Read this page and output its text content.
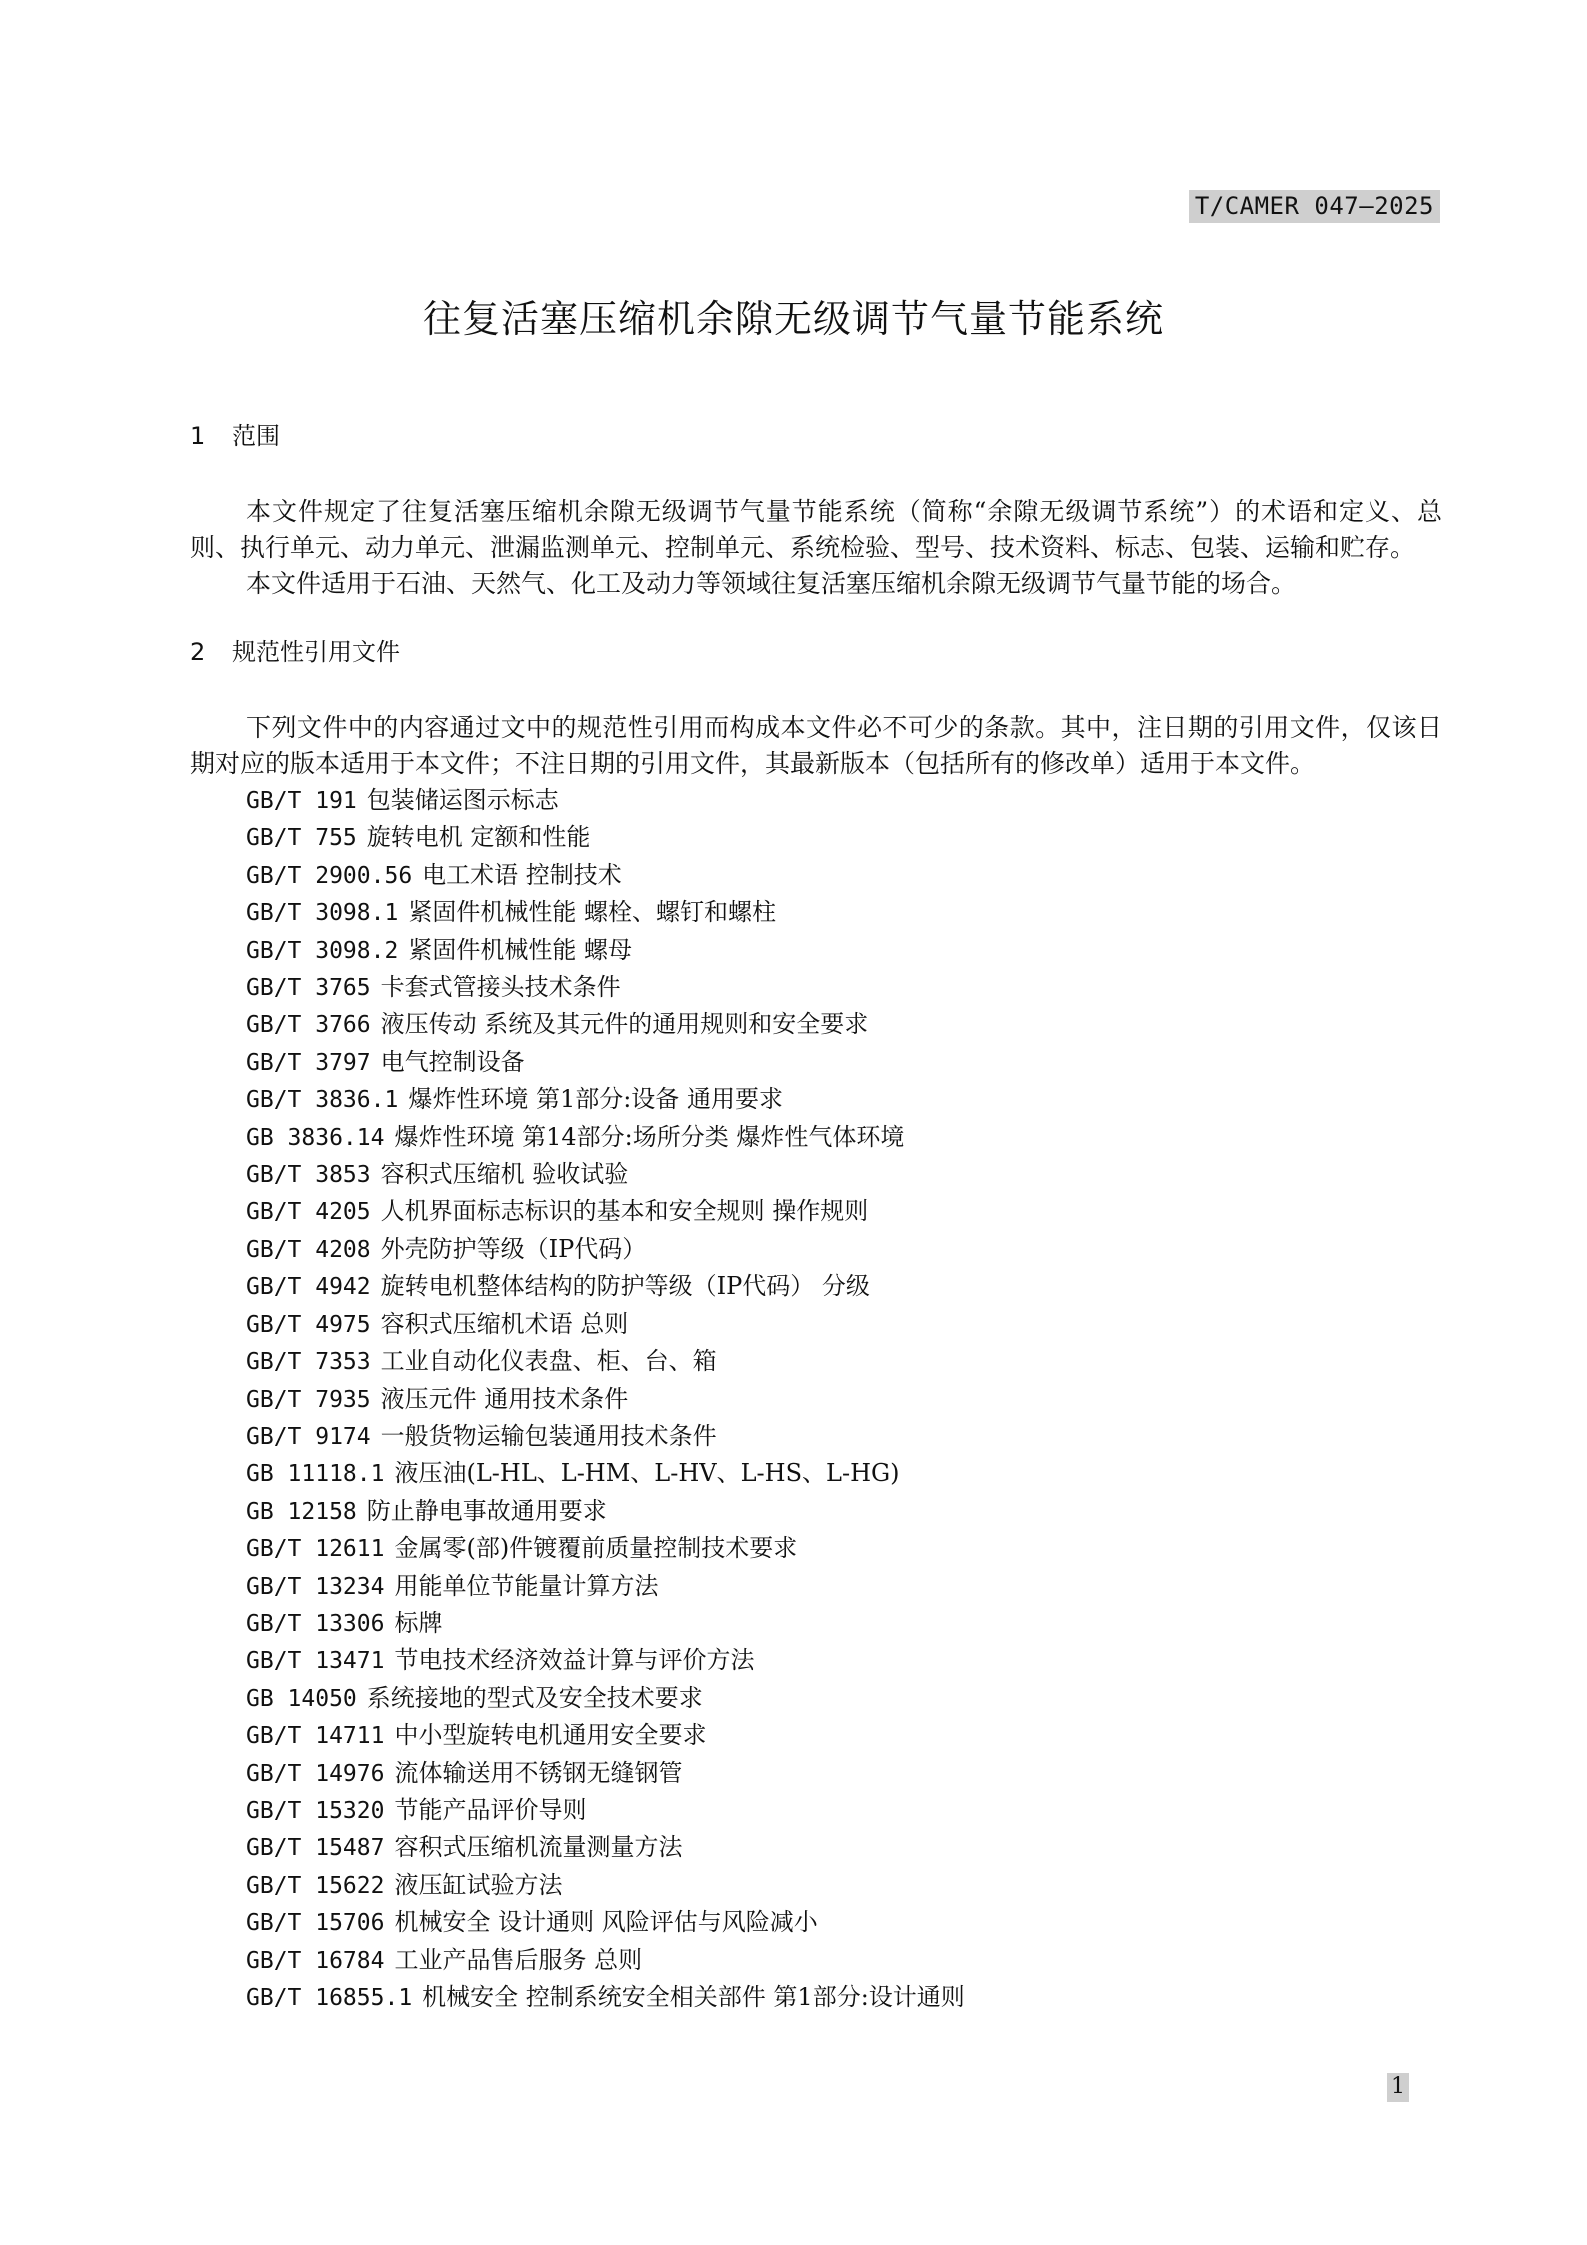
T/CAMER 047—2025
往复活塞压缩机余隙无级调节气量节能系统
1	范围

本文件规定了往复活塞压缩机余隙无级调节气量节能系统（简称“余隙无级调节系统”）的术语和定义、总则、执行单元、动力单元、泄漏监测单元、控制单元、系统检验、型号、技术资料、标志、包装、运输和贮存。

本文件适用于石油、天然气、化工及动力等领域往复活塞压缩机余隙无级调节气量节能的场合。

2	规范性引用文件

下列文件中的内容通过文中的规范性引用而构成本文件必不可少的条款。其中，注日期的引用文件，仅该日期对应的版本适用于本文件；不注日期的引用文件，其最新版本（包括所有的修改单）适用于本文件。

GB/T 191 包装储运图示标志
GB/T 755 旋转电机 定额和性能
GB/T 2900.56 电工术语 控制技术
GB/T 3098.1 紧固件机械性能 螺栓、螺钉和螺柱
GB/T 3098.2 紧固件机械性能 螺母
GB/T 3765 卡套式管接头技术条件
GB/T 3766 液压传动 系统及其元件的通用规则和安全要求
GB/T 3797 电气控制设备
GB/T 3836.1 爆炸性环境 第1部分:设备 通用要求
GB 3836.14 爆炸性环境 第14部分:场所分类 爆炸性气体环境
GB/T 3853 容积式压缩机 验收试验
GB/T 4205 人机界面标志标识的基本和安全规则 操作规则
GB/T 4208 外壳防护等级（IP代码）
GB/T 4942 旋转电机整体结构的防护等级（IP代码） 分级
GB/T 4975 容积式压缩机术语 总则
GB/T 7353 工业自动化仪表盘、柜、台、箱
GB/T 7935 液压元件 通用技术条件
GB/T 9174 一般货物运输包装通用技术条件
GB 11118.1 液压油(L-HL、L-HM、L-HV、L-HS、L-HG)
GB 12158 防止静电事故通用要求
GB/T 12611 金属零(部)件镀覆前质量控制技术要求
GB/T 13234 用能单位节能量计算方法
GB/T 13306 标牌
GB/T 13471 节电技术经济效益计算与评价方法
GB 14050 系统接地的型式及安全技术要求
GB/T 14711 中小型旋转电机通用安全要求
GB/T 14976 流体输送用不锈钢无缝钢管
GB/T 15320 节能产品评价导则
GB/T 15487 容积式压缩机流量测量方法
GB/T 15622 液压缸试验方法
GB/T 15706 机械安全 设计通则 风险评估与风险减小
GB/T 16784 工业产品售后服务 总则
GB/T 16855.1 机械安全 控制系统安全相关部件 第1部分:设计通则
1
